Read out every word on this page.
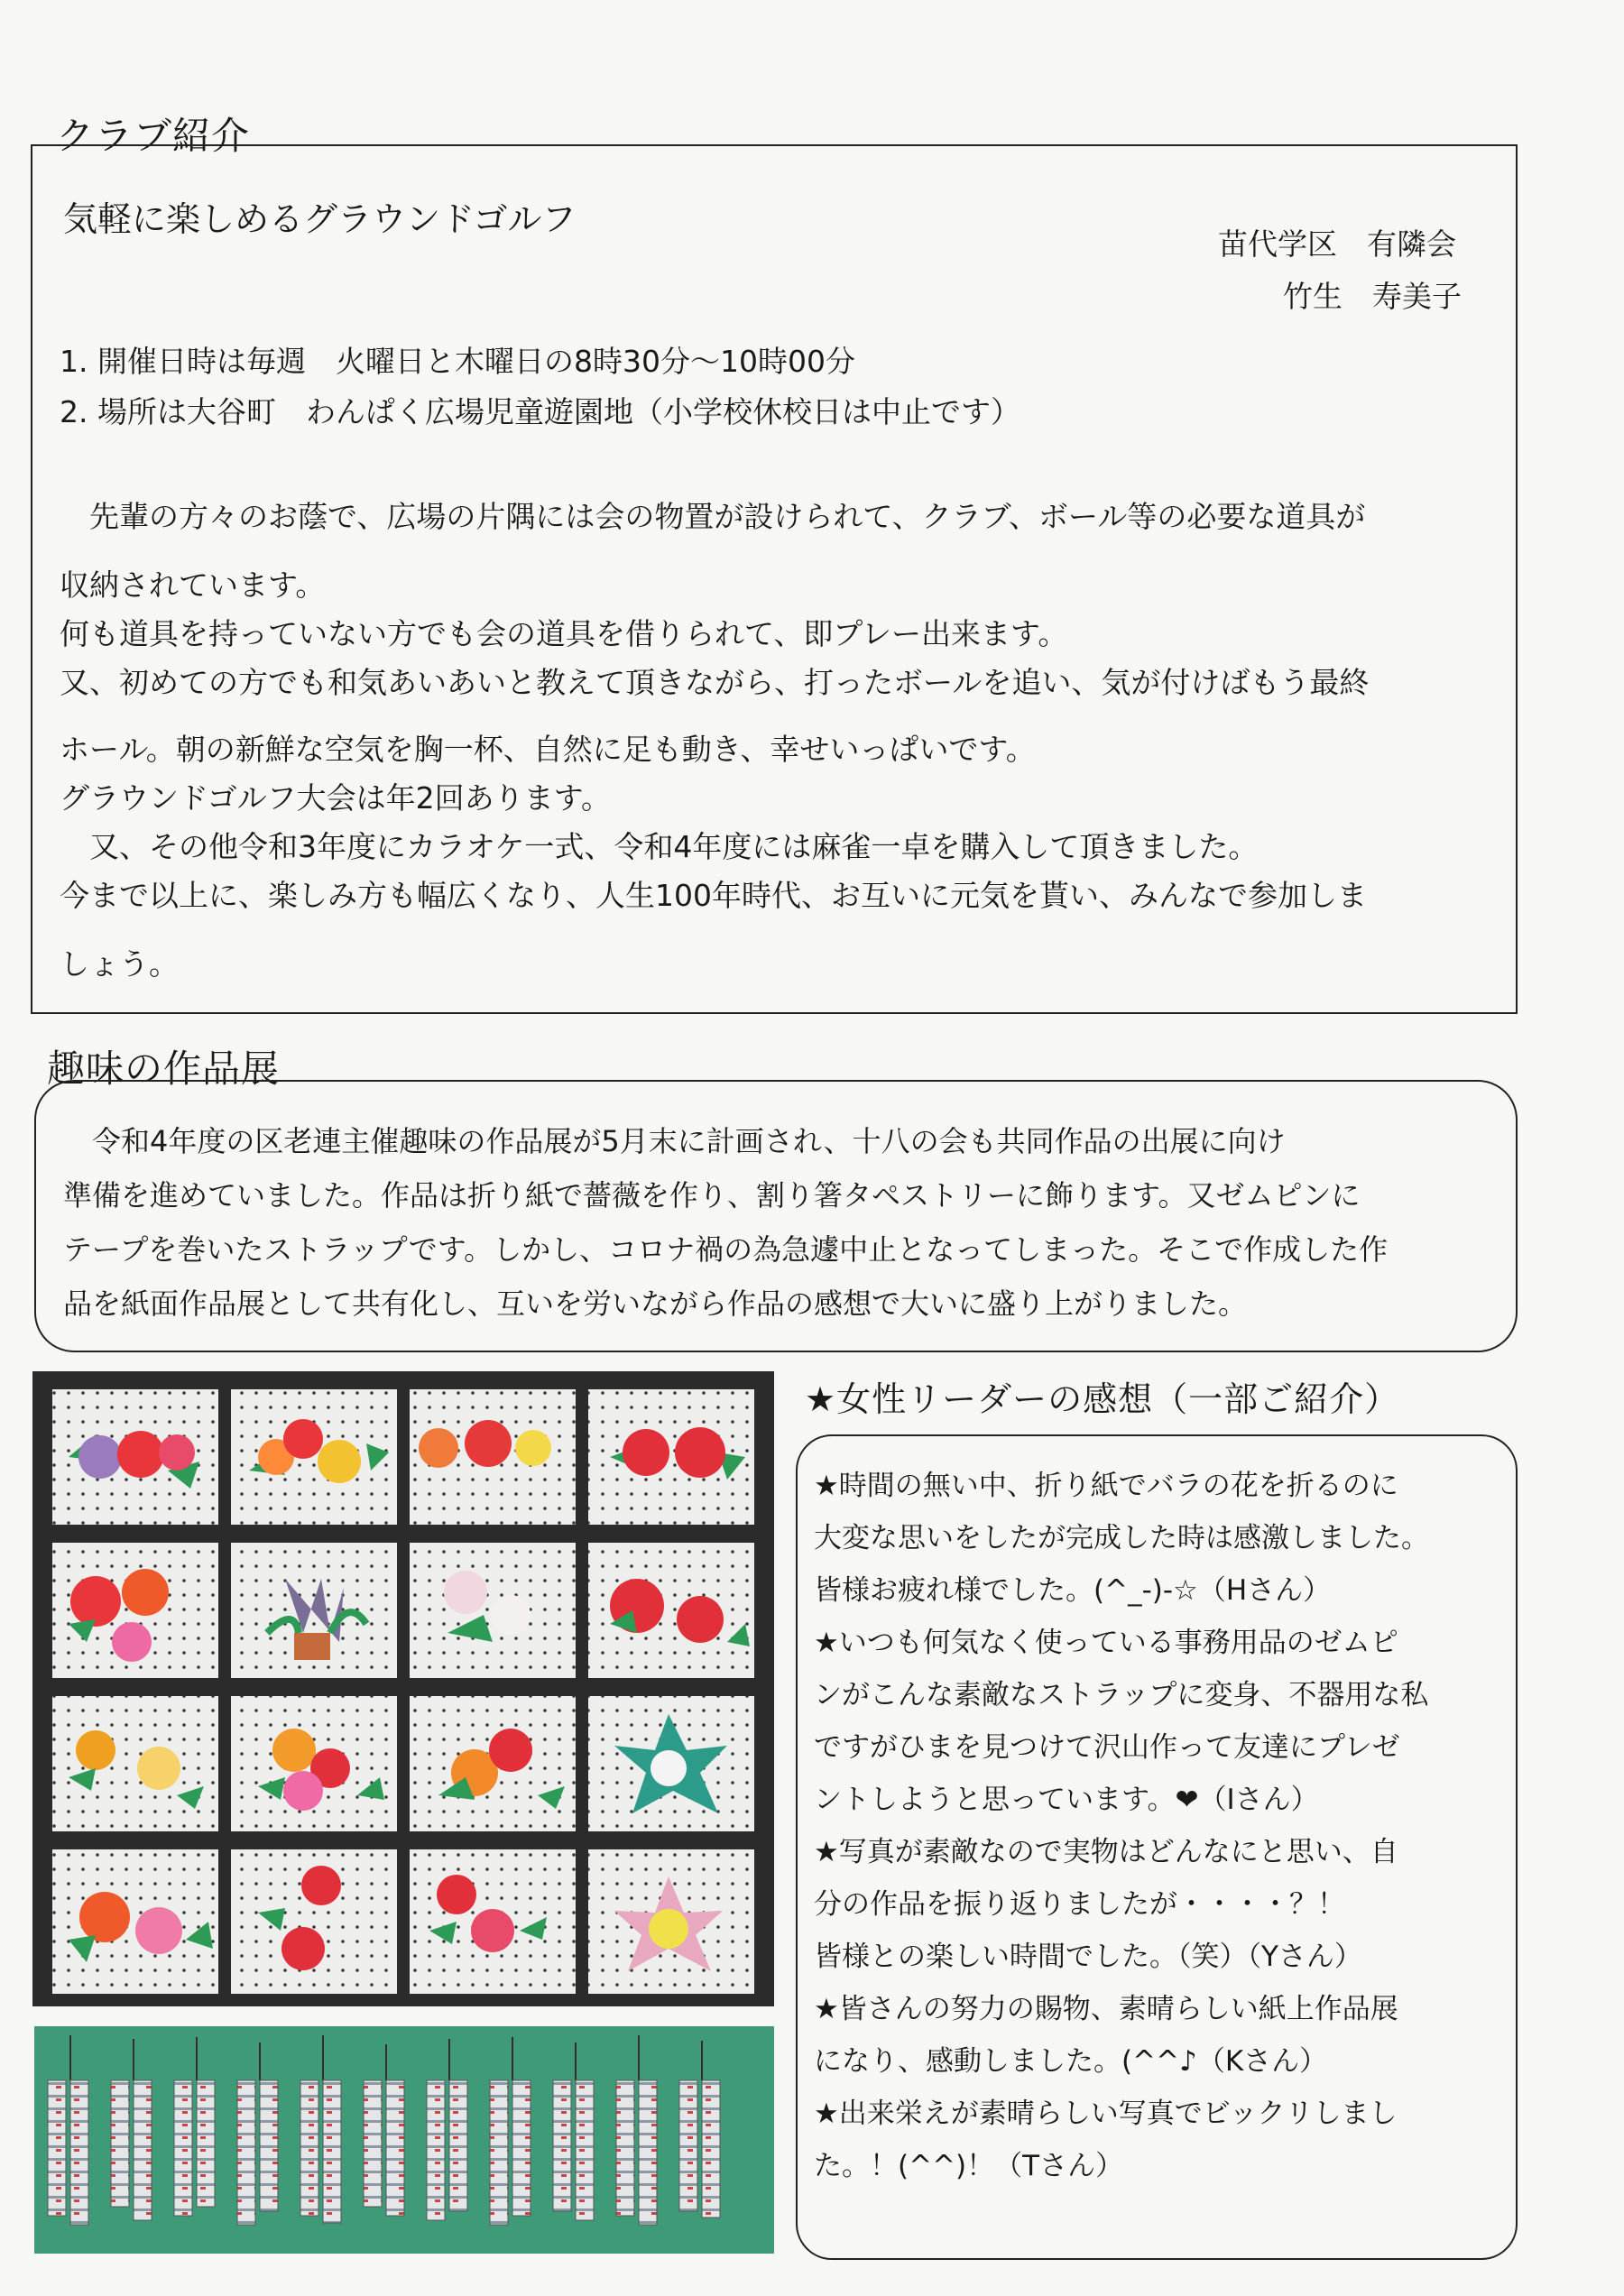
クラブ紹介
気軽に楽しめるグラウンドゴルフ
苗代学区　有隣会
竹生　寿美子
1. 開催日時は毎週　火曜日と木曜日の8時30分～10時00分
2. 場所は大谷町　わんぱく広場児童遊園地（小学校休校日は中止です）
　先輩の方々のお蔭で、広場の片隅には会の物置が設けられて、クラブ、ボール等の必要な道具が
収納されています。
何も道具を持っていない方でも会の道具を借りられて、即プレー出来ます。
又、初めての方でも和気あいあいと教えて頂きながら、打ったボールを追い、気が付けばもう最終
ホール。朝の新鮮な空気を胸一杯、自然に足も動き、幸せいっぱいです。
グラウンドゴルフ大会は年2回あります。
　又、その他令和3年度にカラオケ一式、令和4年度には麻雀一卓を購入して頂きました。
今まで以上に、楽しみ方も幅広くなり、人生100年時代、お互いに元気を貰い、みんなで参加しま
しょう。
趣味の作品展
　令和4年度の区老連主催趣味の作品展が5月末に計画され、十八の会も共同作品の出展に向け
準備を進めていました。作品は折り紙で薔薇を作り、割り箸タペストリーに飾ります。又ゼムピンに
テープを巻いたストラップです。しかし、コロナ禍の為急遽中止となってしまった。そこで作成した作
品を紙面作品展として共有化し、互いを労いながら作品の感想で大いに盛り上がりました。
★女性リーダーの感想（一部ご紹介）
★時間の無い中、折り紙でバラの花を折るのに
大変な思いをしたが完成した時は感激しました。
皆様お疲れ様でした。(^_-)-☆（Hさん）
★いつも何気なく使っている事務用品のゼムピ
ンがこんな素敵なストラップに変身、不器用な私
ですがひまを見つけて沢山作って友達にプレゼ
ントしようと思っています。❤（Iさん）
★写真が素敵なので実物はどんなにと思い、自
分の作品を振り返りましたが・・・・？！
皆様との楽しい時間でした。（笑）（Yさん）
★皆さんの努力の賜物、素晴らしい紙上作品展
になり、感動しました。(^^♪（Kさん）
★出来栄えが素晴らしい写真でビックリしまし
た。！(^^)！（Tさん）
